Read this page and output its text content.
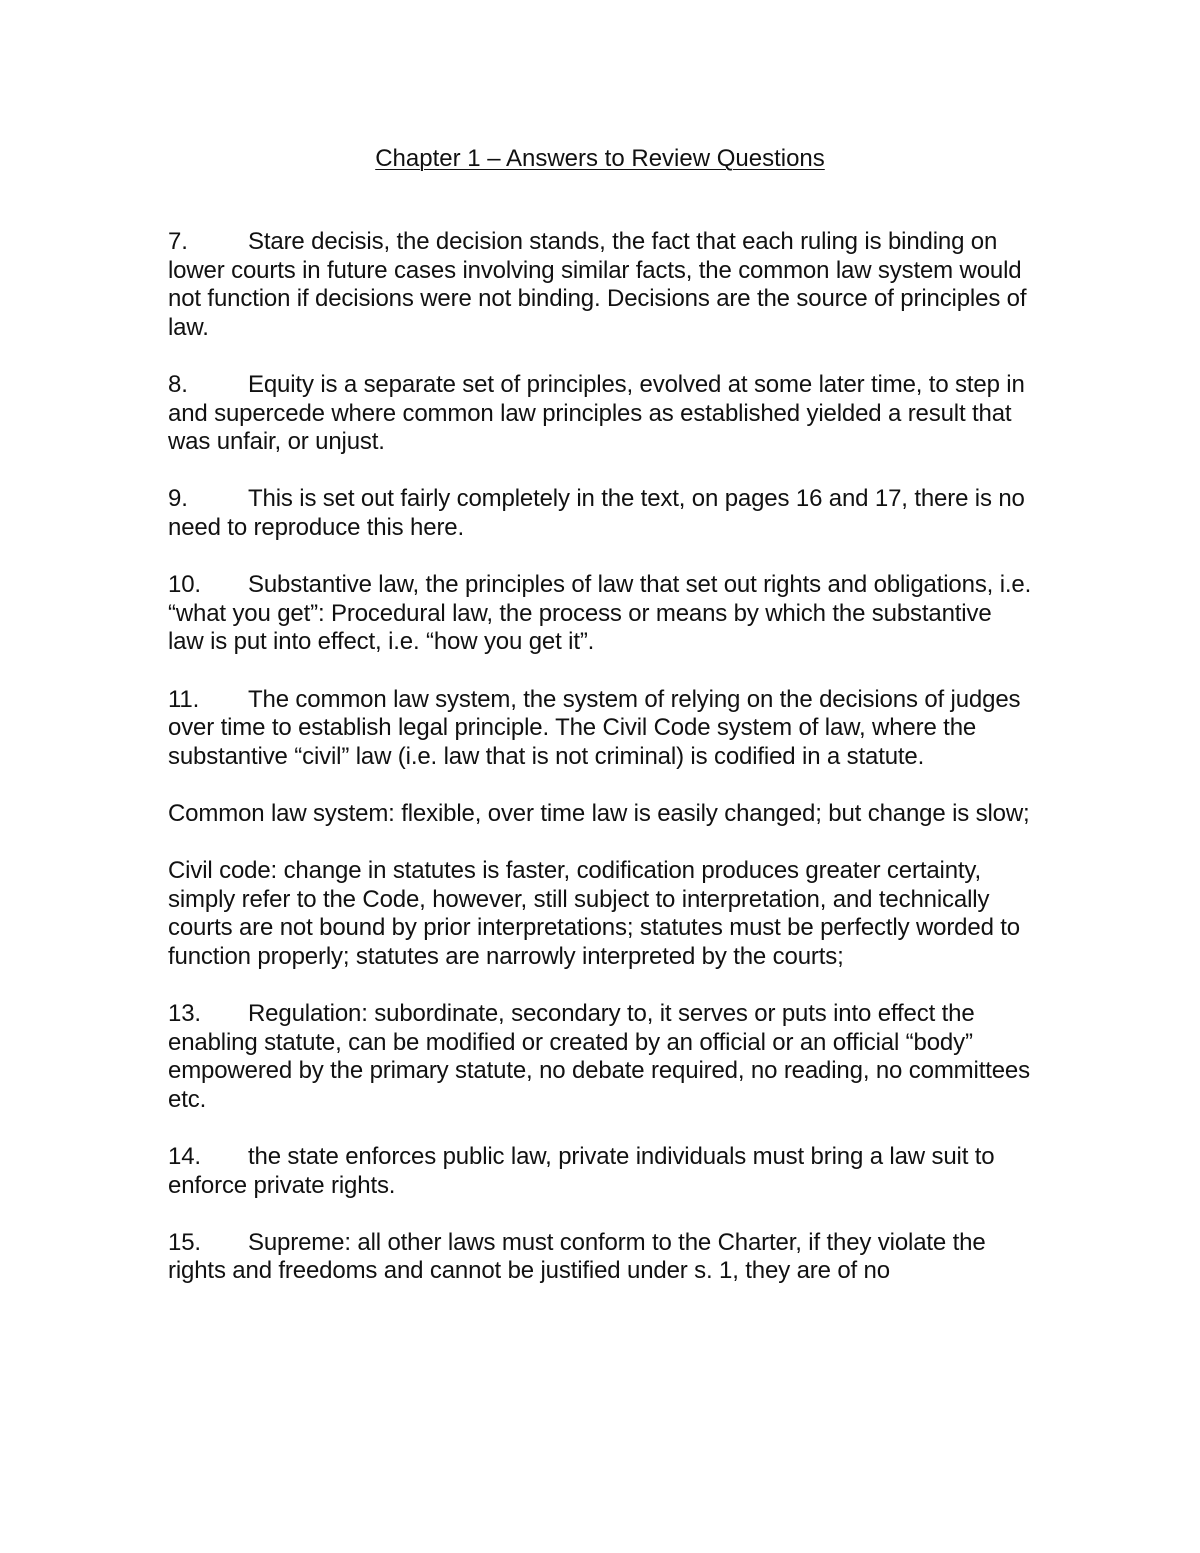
Chapter 1 – Answers to Review Questions

7.	Stare decisis, the decision stands, the fact that each ruling is binding on lower courts in future cases involving similar facts, the common law system would not function if decisions were not binding. Decisions are the source of principles of law.

8.	Equity is a separate set of principles, evolved at some later time, to step in and supercede where common law principles as established yielded a result that was unfair, or unjust.

9.	This is set out fairly completely in the text, on pages 16 and 17, there is no need to reproduce this here.

10. Substantive law, the principles of law that set out rights and obligations, i.e. “what you get”: Procedural law, the process or means by which the substantive law is put into effect, i.e. “how you get it”.

11. The common law system, the system of relying on the decisions of judges over time to establish legal principle. The Civil Code system of law, where the substantive “civil” law (i.e. law that is not criminal) is codified in a statute.

Common law system: flexible, over time law is easily changed; but change is slow;

Civil code: change in statutes is faster, codification produces greater certainty, simply refer to the Code, however, still subject to interpretation, and technically courts are not bound by prior interpretations; statutes must be perfectly worded to function properly; statutes are narrowly interpreted by the courts;

13. Regulation: subordinate, secondary to, it serves or puts into effect the enabling statute, can be modified or created by an official or an official “body” empowered by the primary statute, no debate required, no reading, no committees etc.

14. the state enforces public law, private individuals must bring a law suit to enforce private rights.

15. Supreme: all other laws must conform to the Charter, if they violate the rights and freedoms and cannot be justified under s. 1, they are of no
